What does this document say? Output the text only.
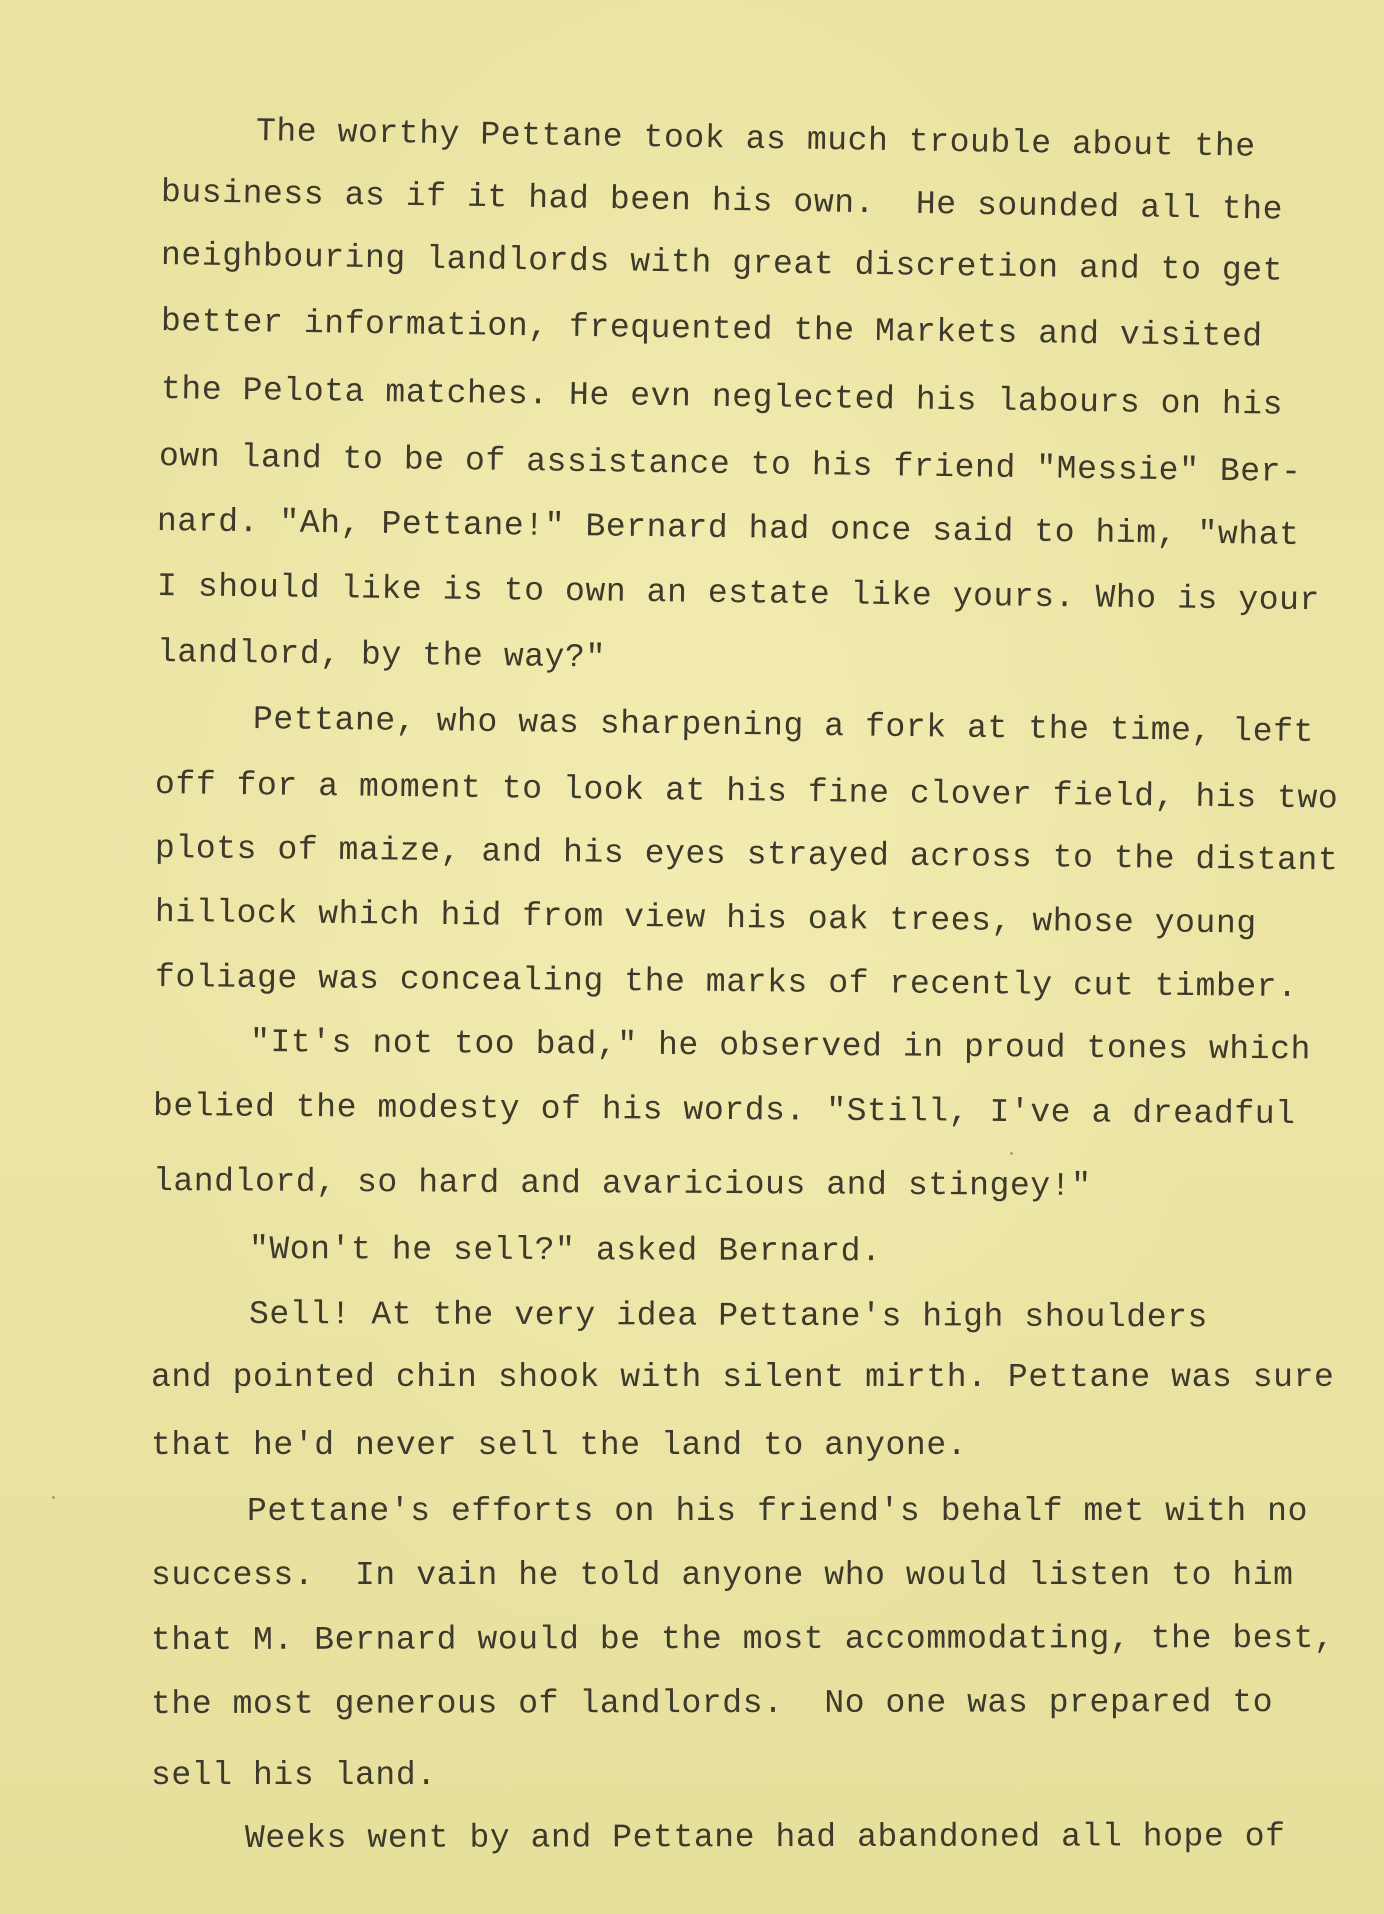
The worthy Pettane took as much trouble about the
business as if it had been his own.  He sounded all the
neighbouring landlords with great discretion and to get
better information, frequented the Markets and visited
the Pelota matches. He evn neglected his labours on his
own land to be of assistance to his friend "Messie" Ber-
nard. "Ah, Pettane!" Bernard had once said to him, "what
I should like is to own an estate like yours. Who is your
landlord, by the way?"
Pettane, who was sharpening a fork at the time, left
off for a moment to look at his fine clover field, his two
plots of maize, and his eyes strayed across to the distant
hillock which hid from view his oak trees, whose young
foliage was concealing the marks of recently cut timber.
"It's not too bad," he observed in proud tones which
belied the modesty of his words. "Still, I've a dreadful
landlord, so hard and avaricious and stingey!"
"Won't he sell?" asked Bernard.
Sell! At the very idea Pettane's high shoulders
and pointed chin shook with silent mirth. Pettane was sure
that he'd never sell the land to anyone.
Pettane's efforts on his friend's behalf met with no
success.  In vain he told anyone who would listen to him
that M. Bernard would be the most accommodating, the best,
the most generous of landlords.  No one was prepared to
sell his land.
Weeks went by and Pettane had abandoned all hope of
